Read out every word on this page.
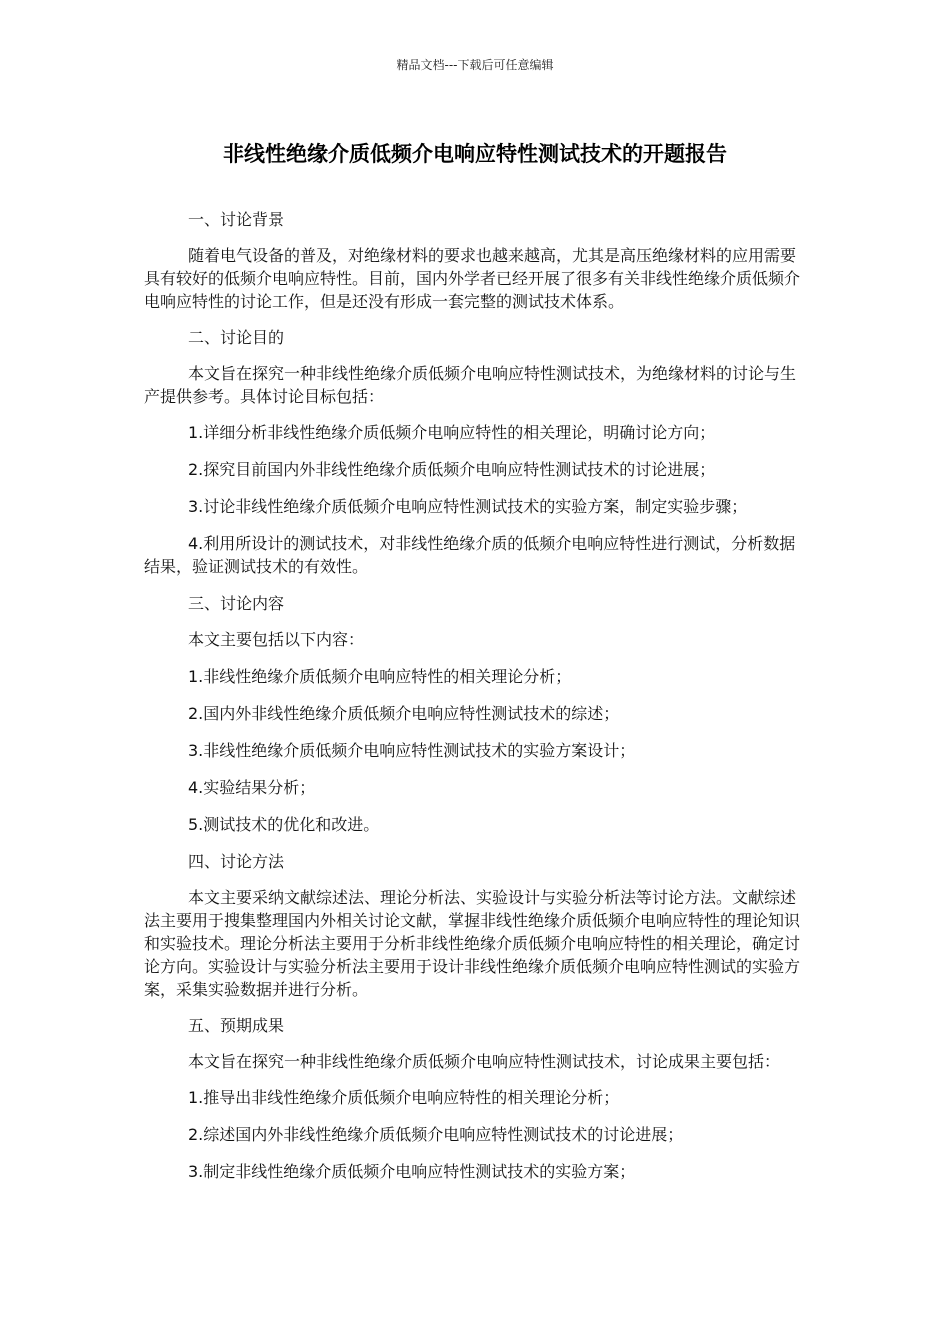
精品文档---下载后可任意编辑
非线性绝缘介质低频介电响应特性测试技术的开题报告
一、讨论背景
随着电气设备的普及，对绝缘材料的要求也越来越高，尤其是高压绝缘材料的应用需要具有较好的低频介电响应特性。目前，国内外学者已经开展了很多有关非线性绝缘介质低频介电响应特性的讨论工作，但是还没有形成一套完整的测试技术体系。
二、讨论目的
本文旨在探究一种非线性绝缘介质低频介电响应特性测试技术，为绝缘材料的讨论与生产提供参考。具体讨论目标包括：
1.详细分析非线性绝缘介质低频介电响应特性的相关理论，明确讨论方向；
2.探究目前国内外非线性绝缘介质低频介电响应特性测试技术的讨论进展；
3.讨论非线性绝缘介质低频介电响应特性测试技术的实验方案，制定实验步骤；
4.利用所设计的测试技术，对非线性绝缘介质的低频介电响应特性进行测试，分析数据结果，验证测试技术的有效性。
三、讨论内容
本文主要包括以下内容：
1.非线性绝缘介质低频介电响应特性的相关理论分析；
2.国内外非线性绝缘介质低频介电响应特性测试技术的综述；
3.非线性绝缘介质低频介电响应特性测试技术的实验方案设计；
4.实验结果分析；
5.测试技术的优化和改进。
四、讨论方法
本文主要采纳文献综述法、理论分析法、实验设计与实验分析法等讨论方法。文献综述法主要用于搜集整理国内外相关讨论文献，掌握非线性绝缘介质低频介电响应特性的理论知识和实验技术。理论分析法主要用于分析非线性绝缘介质低频介电响应特性的相关理论，确定讨论方向。实验设计与实验分析法主要用于设计非线性绝缘介质低频介电响应特性测试的实验方案，采集实验数据并进行分析。
五、预期成果
本文旨在探究一种非线性绝缘介质低频介电响应特性测试技术，讨论成果主要包括：
1.推导出非线性绝缘介质低频介电响应特性的相关理论分析；
2.综述国内外非线性绝缘介质低频介电响应特性测试技术的讨论进展；
3.制定非线性绝缘介质低频介电响应特性测试技术的实验方案；
